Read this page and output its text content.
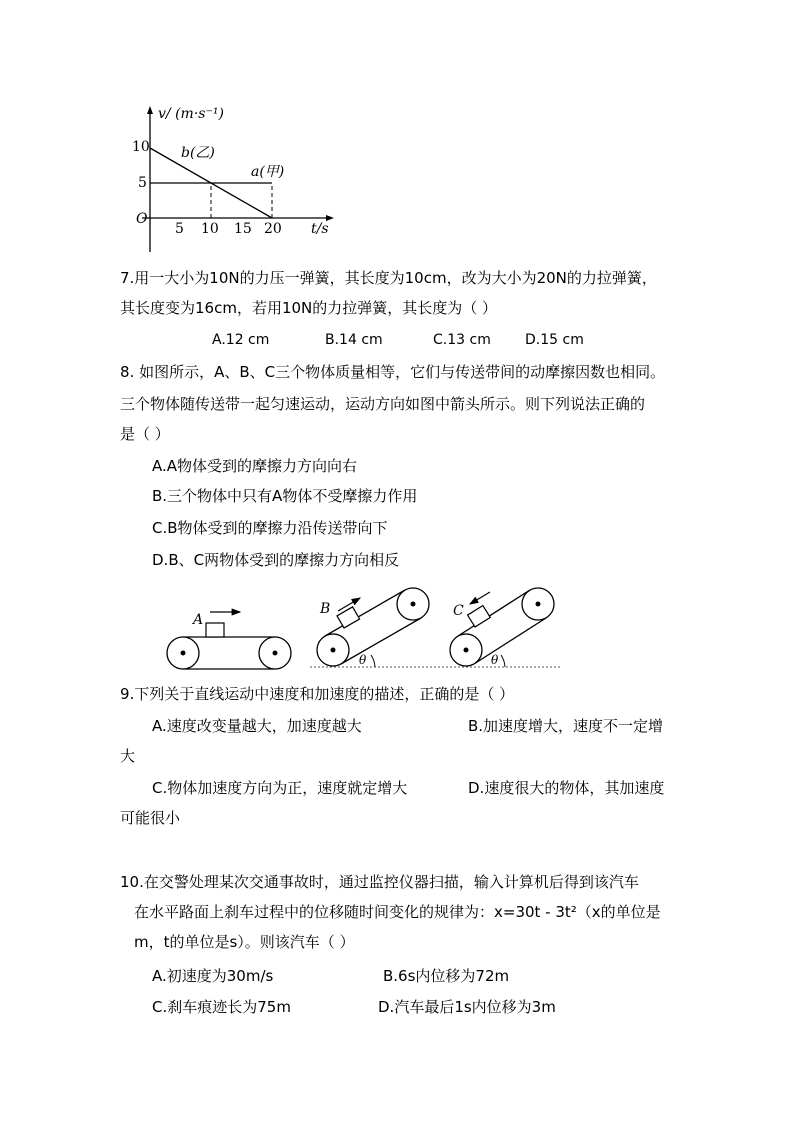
v/ (m·s⁻¹)
O
10
5
5 10 15 20 t/s
b(乙)
a(甲)
7.用一大小为10N的力压一弹簧，其长度为10cm，改为大小为20N的力拉弹簧，
其长度变为16cm，若用10N的力拉弹簧，其长度为（ ）
A.12 cm	B.14 cm	C.13 cm D.15 cm
8. 如图所示，A、B、C三个物体质量相等，它们与传送带间的动摩擦因数也相同。
三个物体随传送带一起匀速运动，运动方向如图中箭头所示。则下列说法正确的
是（ ）
A.A物体受到的摩擦力方向向右
B.三个物体中只有A物体不受摩擦力作用
C.B物体受到的摩擦力沿传送带向下
D.B、C两物体受到的摩擦力方向相反
A
B
θ
C
θ
9.下列关于直线运动中速度和加速度的描述，正确的是（ ）
A.速度改变量越大，加速度越大	B.加速度增大，速度不一定增
大
C.物体加速度方向为正，速度就定增大	D.速度很大的物体，其加速度
可能很小
10.在交警处理某次交通事故时，通过监控仪器扫描，输入计算机后得到该汽车
在水平路面上刹车过程中的位移随时间变化的规律为：x=30t - 3t²（x的单位是
m，t的单位是s）。则该汽车（ ）
A.初速度为30m/s	B.6s内位移为72m
C.刹车痕迹长为75m	D.汽车最后1s内位移为3m
